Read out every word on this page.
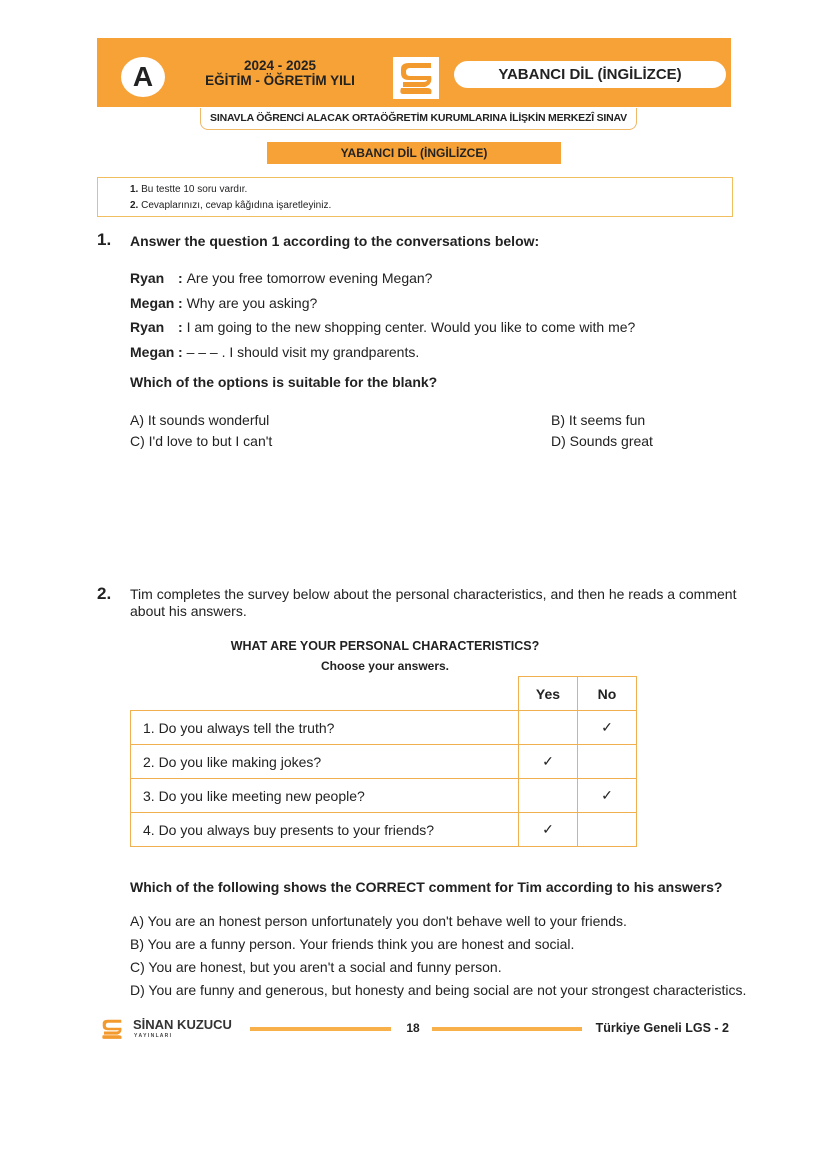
A	2024 - 2025
EĞİTİM - ÖĞRETİM YILI	YABANCI DİL (İNGİLİZCE)
SINAVLA ÖĞRENCİ ALACAK ORTAÖĞRETİM KURUMLARINA İLİŞKİN MERKEZÎ SINAV
YABANCI DİL (İNGİLİZCE)
1. Bu testte 10 soru vardır.
2. Cevaplarınızı, cevap kâğıdına işaretleyiniz.
1. Answer the question 1 according to the conversations below:
Ryan : Are you free tomorrow evening Megan?
Megan : Why are you asking?
Ryan : I am going to the new shopping center. Would you like to come with me?
Megan : – – – . I should visit my grandparents.
Which of the options is suitable for the blank?
A) It sounds wonderful	B) It seems fun
C) I'd love to but I can't	D) Sounds great
2. Tim completes the survey below about the personal characteristics, and then he reads a comment
about his answers.
WHAT ARE YOUR PERSONAL CHARACTERISTICS?
Choose your answers.
	Yes	No
1. Do you always tell the truth?		✓
2. Do you like making jokes?	✓	
3. Do you like meeting new people?		✓
4. Do you always buy presents to your friends?	✓	
Which of the following shows the CORRECT comment for Tim according to his answers?
A) You are an honest person unfortunately you don't behave well to your friends.
B) You are a funny person. Your friends think you are honest and social.
C) You are honest, but you aren't a social and funny person.
D) You are funny and generous, but honesty and being social are not your strongest characteristics.
SİNAN KUZUCU
Y A Y I N L A R I
18	Türkiye Geneli LGS - 2
